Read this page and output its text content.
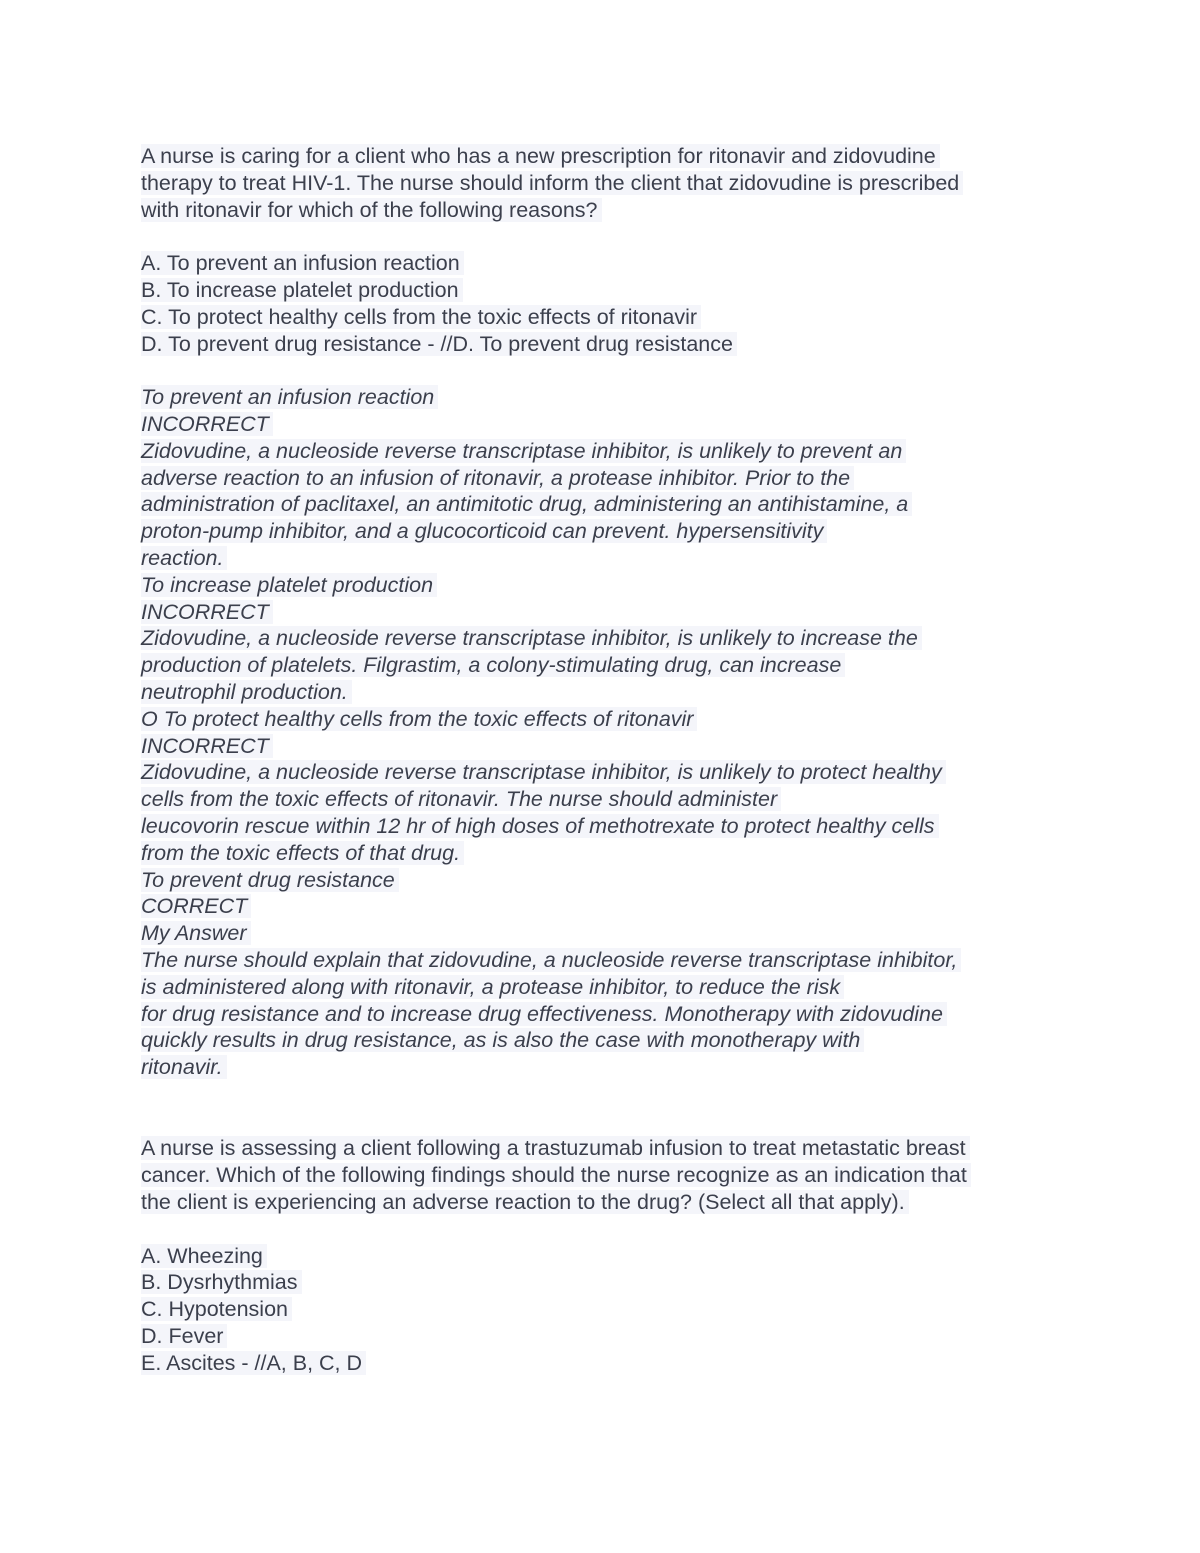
A nurse is caring for a client who has a new prescription for ritonavir and zidovudine
therapy to treat HIV-1. The nurse should inform the client that zidovudine is prescribed
with ritonavir for which of the following reasons?
A. To prevent an infusion reaction
B. To increase platelet production
C. To protect healthy cells from the toxic effects of ritonavir
D. To prevent drug resistance - //D. To prevent drug resistance
To prevent an infusion reaction
INCORRECT
Zidovudine, a nucleoside reverse transcriptase inhibitor, is unlikely to prevent an
adverse reaction to an infusion of ritonavir, a protease inhibitor. Prior to the
administration of paclitaxel, an antimitotic drug, administering an antihistamine, a
proton-pump inhibitor, and a glucocorticoid can prevent. hypersensitivity
reaction.
To increase platelet production
INCORRECT
Zidovudine, a nucleoside reverse transcriptase inhibitor, is unlikely to increase the
production of platelets. Filgrastim, a colony-stimulating drug, can increase
neutrophil production.
O To protect healthy cells from the toxic effects of ritonavir
INCORRECT
Zidovudine, a nucleoside reverse transcriptase inhibitor, is unlikely to protect healthy
cells from the toxic effects of ritonavir. The nurse should administer
leucovorin rescue within 12 hr of high doses of methotrexate to protect healthy cells
from the toxic effects of that drug.
To prevent drug resistance
CORRECT
My Answer
The nurse should explain that zidovudine, a nucleoside reverse transcriptase inhibitor,
is administered along with ritonavir, a protease inhibitor, to reduce the risk
for drug resistance and to increase drug effectiveness. Monotherapy with zidovudine
quickly results in drug resistance, as is also the case with monotherapy with
ritonavir.
A nurse is assessing a client following a trastuzumab infusion to treat metastatic breast
cancer. Which of the following findings should the nurse recognize as an indication that
the client is experiencing an adverse reaction to the drug? (Select all that apply).
A. Wheezing
B. Dysrhythmias
C. Hypotension
D. Fever
E. Ascites - //A, B, C, D
